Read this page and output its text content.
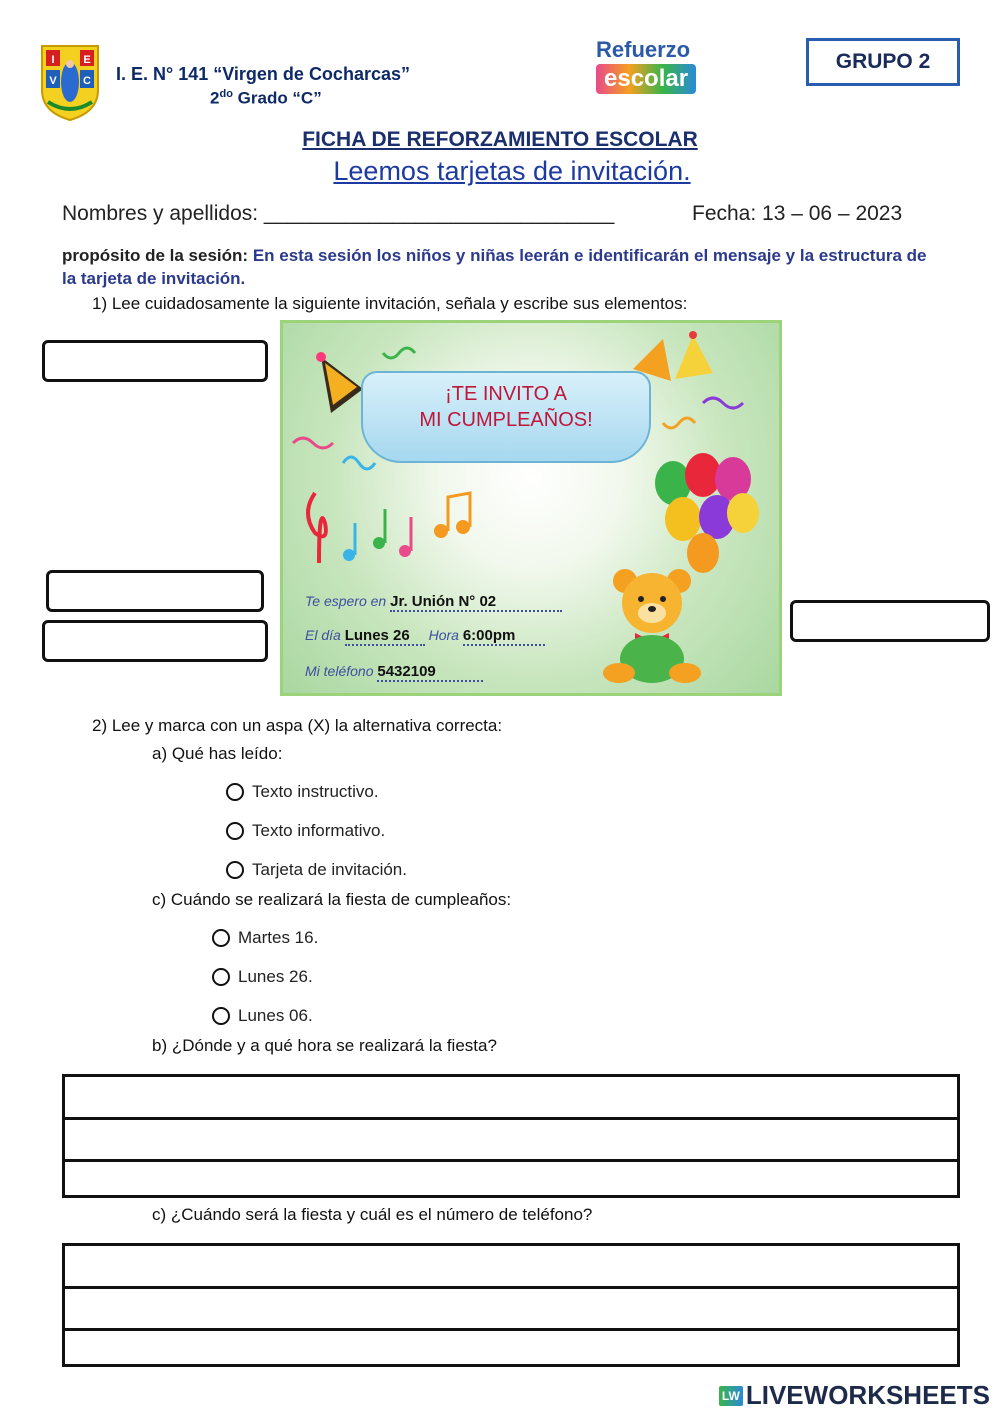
I	E
V C I. E. N° 141 “Virgen de Cocharcas”
$2^{do}$ Grado “C”
Refuerzo
escolar
GRUPO 2
FICHA DE REFORZAMIENTO ESCOLAR
Leemos tarjetas de invitación.
Nombres y apellidos: ______________________________	Fecha: 13 – 06 – 2023
propósito de la sesión: En esta sesión los niños y niñas leerán e identificarán el mensaje y la estructura de la tarjeta de invitación.
1) Lee cuidadosamente la siguiente invitación, señala y escribe sus elementos:
¡TE INVITO A
MI CUMPLEAÑOS!
Te espero en Jr. Unión N° 02
El día Lunes 26 Hora 6:00pm
Mi teléfono 5432109
2) Lee y marca con un aspa (X) la alternativa correcta:
a) Qué has leído:
Texto instructivo.
Texto informativo.
Tarjeta de invitación.
c) Cuándo se realizará la fiesta de cumpleaños:
Martes 16.
Lunes 26.
Lunes 06.
b) ¿Dónde y a qué hora se realizará la fiesta?
c) ¿Cuándo será la fiesta y cuál es el número de teléfono?
LW LIVEWORKSHEETS
